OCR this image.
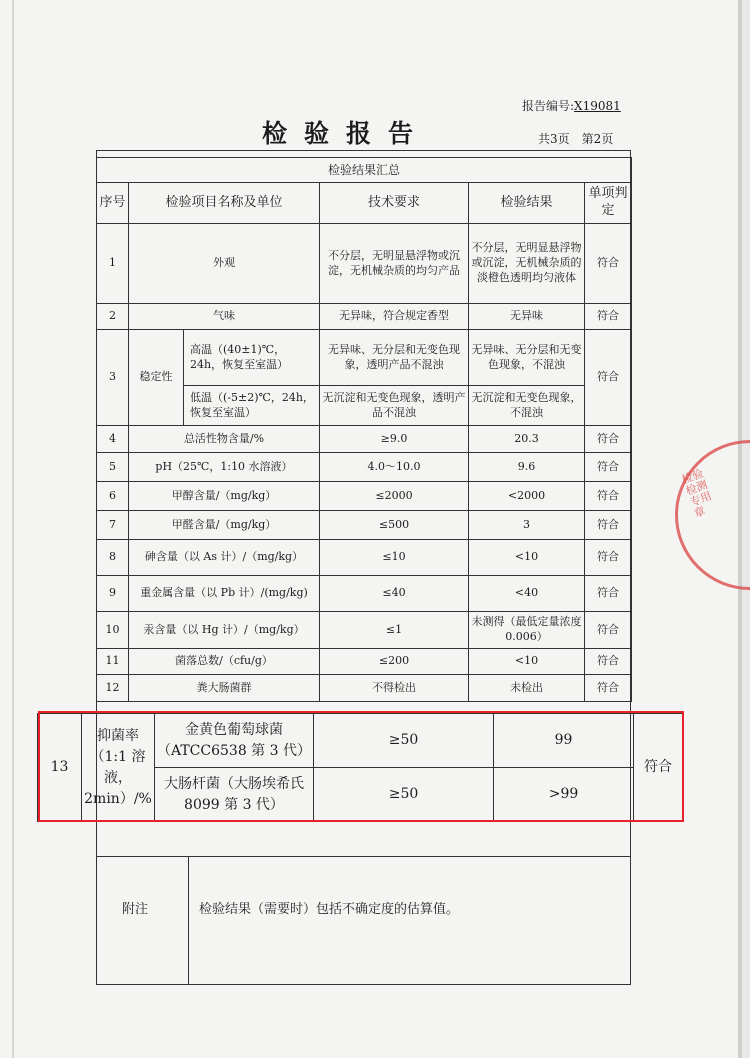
报告编号:X19081
检验报告	共3页　第2页
检验结果汇总					
序号	检验项目名称及单位		技术要求	检验结果	单项判定
1	外观		不分层，无明显悬浮物或沉淀，无机械杂质的均匀产品	不分层，无明显悬浮物或沉淀，无机械杂质的淡橙色透明均匀液体	符合
2	气味		无异味，符合规定香型	无异味	符合
3	稳定性	高温（(40±1)℃，24h，恢复至室温）	无异味、无分层和无变色现象，透明产品不混浊	无异味、无分层和无变色现象，不混浊	符合
		低温（(-5±2)℃，24h，恢复至室温）	无沉淀和无变色现象，透明产品不混浊	无沉淀和无变色现象，不混浊	
4	总活性物含量/%		≥9.0	20.3	符合
5	pH（25℃，1:10 水溶液）		4.0～10.0	9.6	符合
6	甲醇含量/（mg/kg）		≤2000	<2000	符合
7	甲醛含量/（mg/kg）		≤500	3	符合
8	砷含量（以 As 计）/（mg/kg）		≤10	<10	符合
9	重金属含量（以 Pb 计）/(mg/kg)		≤40	<40	符合
10	汞含量（以 Hg 计）/（mg/kg）		≤1	未测得（最低定量浓度 0.006）	符合
11	菌落总数/（cfu/g）		≤200	<10	符合
12	粪大肠菌群		不得检出	未检出	符合
13	抑菌率（1:1 溶液，2min）/%	金黄色葡萄球菌（ATCC6538 第 3 代）	≥50	99	符合
		大肠杆菌（大肠埃希氏 8099 第 3 代）	≥50	>99	
附注	检验结果（需要时）包括不确定度的估算值。
检验检测专用章
